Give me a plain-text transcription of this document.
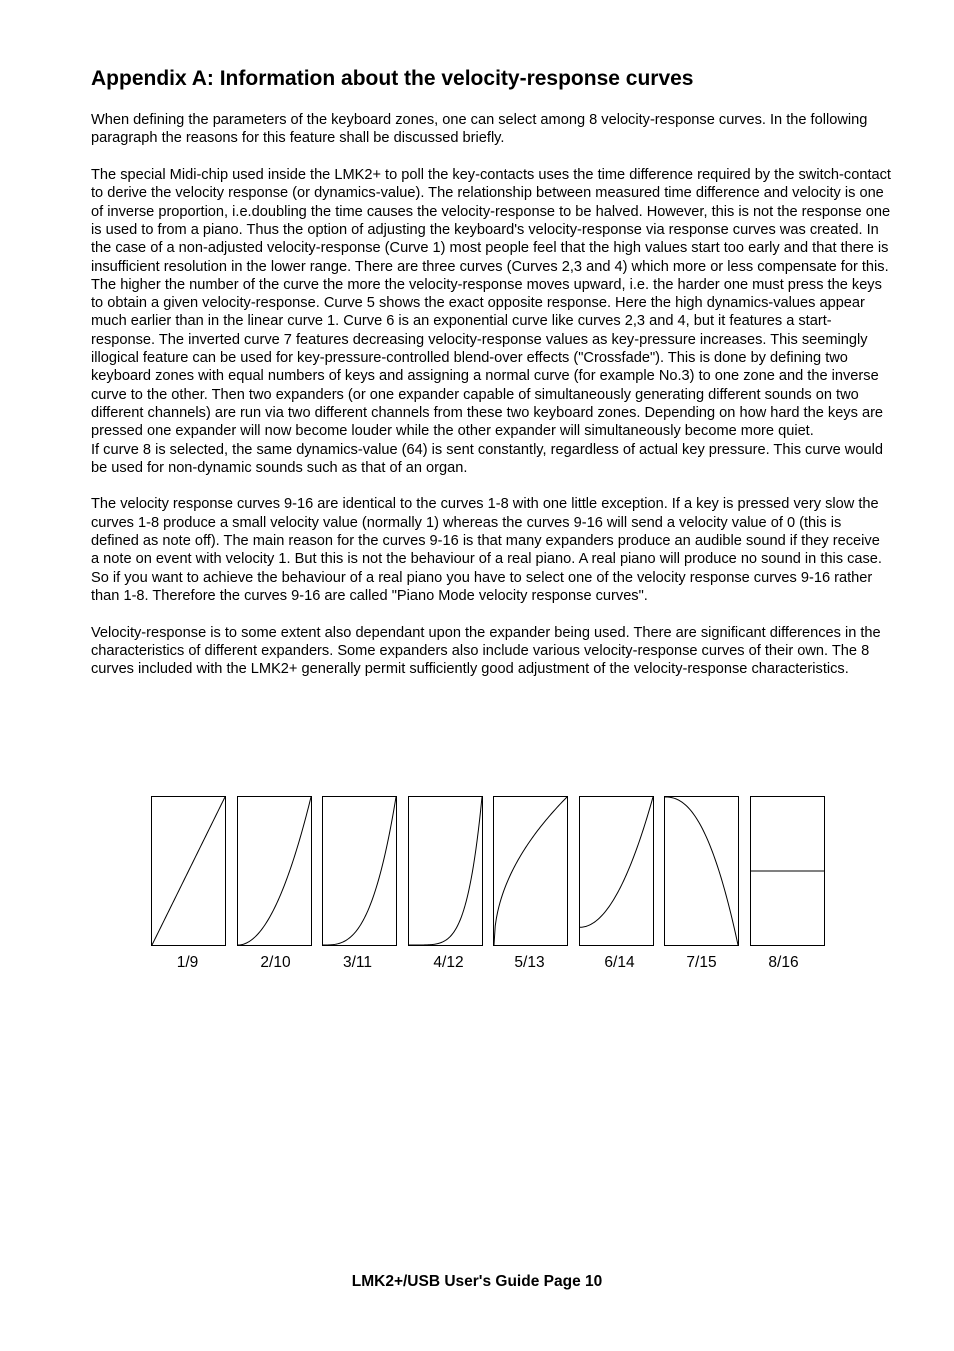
Appendix A: Information about the velocity-response curves

When defining the parameters of the keyboard zones, one can select among 8 velocity-response curves. In the following paragraph the reasons for this feature shall be discussed briefly.

The special Midi-chip used inside the LMK2+ to poll the key-contacts uses the time difference required by the switch-contact to derive the velocity response (or dynamics-value). The relationship between measured time difference and velocity is one of inverse proportion, i.e.doubling the time causes the velocity-response to be halved. However, this is not the response one is used to from a piano. Thus the option of adjusting the keyboard's velocity-response via response curves was created. In the case of a non-adjusted velocity-response (Curve 1) most people feel that the high values start too early and that there is insufficient resolution in the lower range. There are three curves (Curves 2,3 and 4) which more or less compensate for this. The higher the number of the curve the more the velocity-response moves upward, i.e. the harder one must press the keys to obtain a given velocity-response. Curve 5 shows the exact opposite response. Here the high dynamics-values appear much earlier than in the linear curve 1. Curve 6 is an exponential curve like curves 2,3 and 4, but it features a start-response. The inverted curve 7 features decreasing velocity-response values as key-pressure increases. This seemingly illogical feature can be used for key-pressure-controlled blend-over effects ("Crossfade"). This is done by defining two keyboard zones with equal numbers of keys and assigning a normal curve (for example No.3) to one zone and the inverse curve to the other. Then two expanders (or one expander capable of simultaneously generating different sounds on two different channels) are run via two different channels from these two keyboard zones. Depending on how hard the keys are pressed one expander will now become louder while the other expander will simultaneously become more quiet.

If curve 8 is selected, the same dynamics-value (64) is sent constantly, regardless of actual key pressure. This curve would be used for non-dynamic sounds such as that of an organ.

The velocity response curves 9-16 are identical to the curves 1-8 with one little exception. If a key is pressed very slow the curves 1-8 produce a small velocity value (normally 1) whereas the curves 9-16 will send a velocity value of 0 (this is defined as note off). The main reason for the curves 9-16 is that many expanders produce an audible sound if they receive a note on event with velocity 1. But this is not the behaviour of a real piano. A real piano will produce no sound in this case. So if you want to achieve the behaviour of a real piano you have to select one of the velocity response curves 9-16 rather than 1-8. Therefore the curves 9-16 are called "Piano Mode velocity response curves".

Velocity-response is to some extent also dependant upon the expander being used. There are significant differences in the characteristics of different expanders. Some expanders also include various velocity-response curves of their own. The 8 curves included with the LMK2+ generally permit sufficiently good adjustment of the velocity-response characteristics.

1/9	2/10	3/11	4/12	5/13	6/14	7/15	8/16
LMK2+/USB User's Guide Page 10
